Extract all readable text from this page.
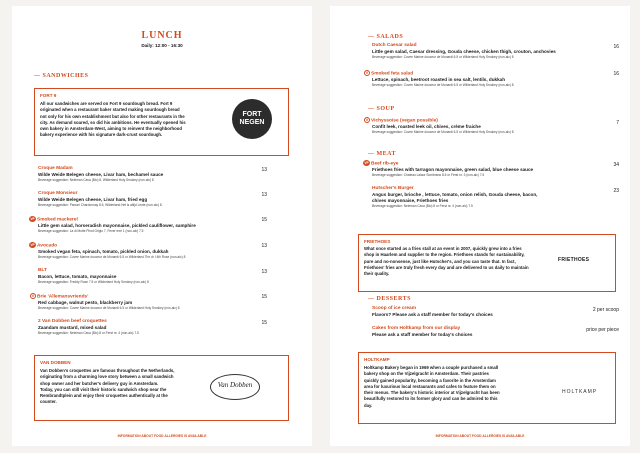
LUNCH
Daily: 12:00 - 16:30
— SANDWICHES
FORT 9
All our sandwiches are served on Fort 9 sourdough bread. Fort 9
originated when a restaurant baker started making sourdough bread
not only for his own establishment but also for other restaurants in the
city. As demand soared, so did his ambitions. He eventually opened his
own bakery in Amsterdam-West, aiming to reinvent the neighborhood
bakery experience with his signature dark-crust sourdough.
FORT
NEGEN
Croque Madam
Wilde Weide Belegen cheese, Livar ham, bechamel sauce
Beverage suggestion: Neleman Cava (Bio) 8, Wilderland Holy Smokey (non-alc) 8
13
Croque Monsieur
Wilde Weide Belegen cheese, Livar ham, fried egg
Beverage suggestion: Parcari Chardonnay 8.5, Wilderland Het is altijd Lente (non-alc) 8
13
VP Smoked mackerel
Little gem salad, horseradish mayonnaise, pickled cauliflower, samphire
Beverage suggestion: La di Motte Pinot Grigio 7, Fever tree 1 (non-alc) 7.5
15
VP Avocado
Smoked vegan feta, spinach, tomato, pickled onion, dukkah
Beverage suggestion: Cuvee Marine douceur de Monardi 6.5 or Wilderland The dr I 4th Rose (non-alc) 8
13
BLT
Bacon, lettuce, tomato, mayonnaise
Beverage suggestion: Freddy Rose 7.5 or Wilderland Holy Smokey (non-alc) 8
13
V Brie 'Allemansvriends'
Red cabbage, walnut pesto, blackberry jam
Beverage suggestion: Cuvee Marine douceur de Monardi 6.5 or Wilderland Holy Smokey (non-alc) 8
15
2 Van Dobben beef croquettes
Zaandam mustard, mixed salad
Beverage suggestion: Neleman Cava (Bio) 8 or Ferst nr. 4 (non-alc) 7.5
15
VAN DOBBEN
Van Dobben's croquettes are famous throughout the Netherlands,
originating from a charming love story between a small sandwich
shop owner and her butcher's delivery guy in Amsterdam.
Today, you can still visit their historic sandwich shop near the
Rembrandtplein and enjoy their croquettes authentically at the
counter.
Van Dobben
INFORMATION ABOUT FOOD ALLERGIES IS AVAILABLE
— SALADS
Dutch Caesar salad
Little gem salad, Caesar dressing, Gouda cheese, chicken thigh, crouton, anchovies
Beverage suggestion: Cuvee Marine douceur de Monardi 6.5 or Wilderland Holy Smokey (non-alc) 8
16
V Smoked feta salad
Lettuce, spinach, beetroot roasted in sea salt, lentils, dukkah
Beverage suggestion: Cuvee Marine douceur de Monardi 6.5 or Wilderland Holy Smokey (non-alc) 8
16
— SOUP
V Vichyssoise (vegan possible)
Confit leek, roasted leek oil, chives, crème fraiche
Beverage suggestion: Cuvee Marine douceur de Monardi 6.5 or Wilderland Holy Smokey (non-alc) 8
7
— MEAT
VP Beef rib-eye
Friethoes fries with tarragon mayonnaise, green salad, blue cheese sauce
Beverage suggestion: Chateau Lalaur Sombrano 8.5 or Ferst nr. 3 (non-alc) 7.5
34
Hutscher's Burger
Angus burger, brioche , lettuce, tomato, onion relish, Gouda cheese, bacon,
chives mayonnaise, Friethoes fries
Beverage suggestion: Neleman Cava (Bio) 8 or Ferst nr. 4 (non-alc) 7.5
23
FRIETHOES
What once started as a fries stall at an event in 2007, quickly grew into a fries
shop in Haarlem and supplier to the region. Friethoes stands for sustainability,
pure and no-nonsense, just like Hutscher's, and you can taste that. In fact,
Friethoes' fries are truly fresh every day and are delivered to us daily to maintain
their quality.
FRIETHOES
— DESSERTS
Scoop of ice cream
Flavors? Please ask a staff member for today's choices
2 per scoop
Cakes from Holtkamp from our display
Please ask a staff member for today's choices
price per piece
HOLTKAMP
Holtkamp Bakery began in 1969 when a couple purchased a small
bakery shop on the Vijzelgracht in Amsterdam. Their pastries
quickly gained popularity, becoming a favorite in the Amsterdam
area for luxurious local restaurants and cafes to feature them on
their menus. The bakery's historic interior at Vijzelgracht has been
beautifully restored to its former glory and can be admired to this
day.
HOLTKAMP
INFORMATION ABOUT FOOD ALLERGIES IS AVAILABLE
